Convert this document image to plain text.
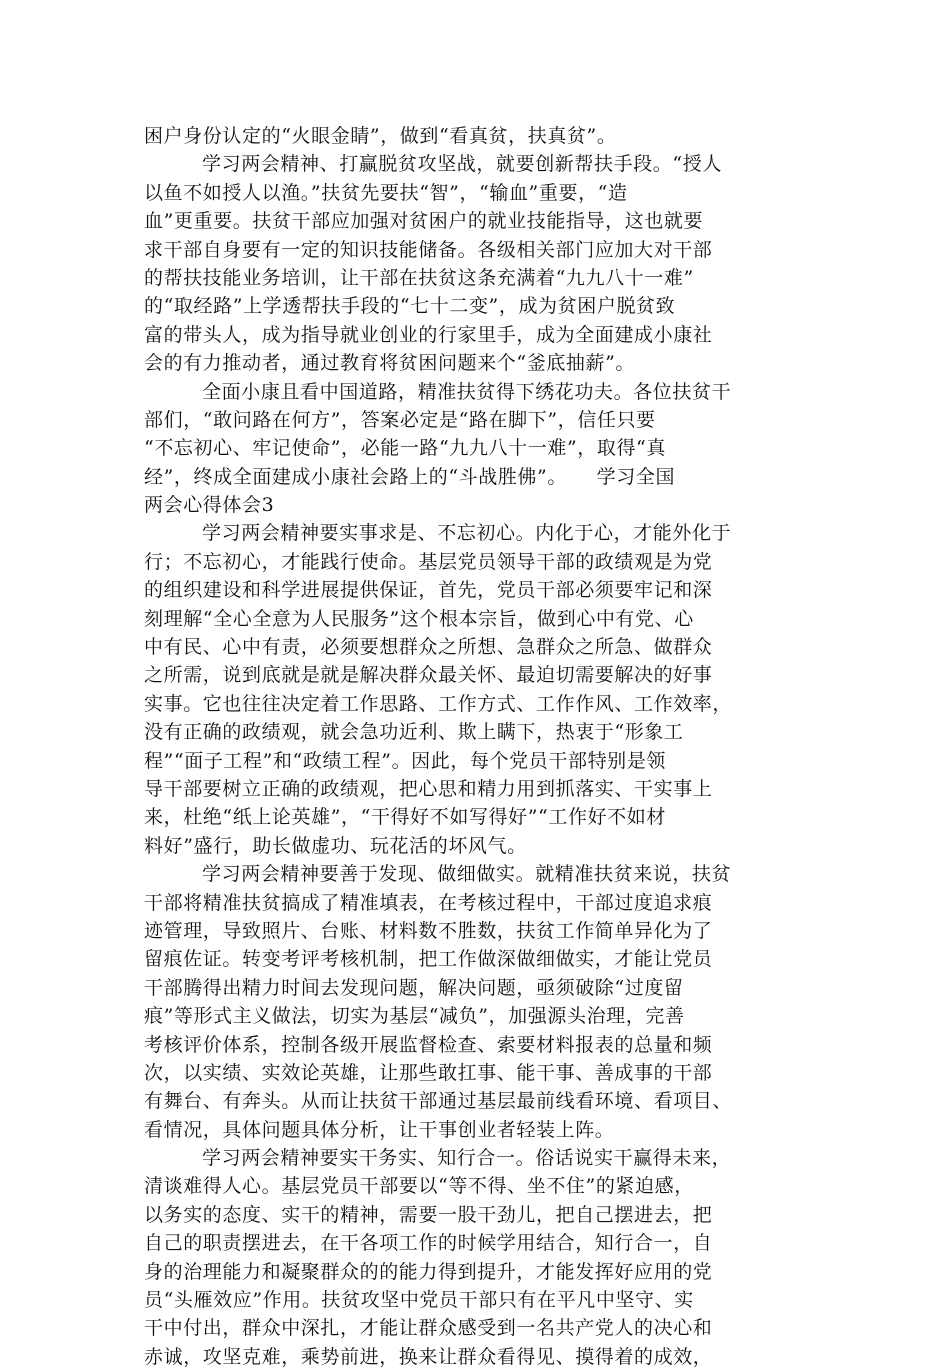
困户身份认定的“火眼金睛”，做到“看真贫，扶真贫”。
学习两会精神、打赢脱贫攻坚战，就要创新帮扶手段。“授人
以鱼不如授人以渔。”扶贫先要扶“智”，“输血”重要，“造
血”更重要。扶贫干部应加强对贫困户的就业技能指导，这也就要
求干部自身要有一定的知识技能储备。各级相关部门应加大对干部
的帮扶技能业务培训，让干部在扶贫这条充满着“九九八十一难”
的“取经路”上学透帮扶手段的“七十二变”，成为贫困户脱贫致
富的带头人，成为指导就业创业的行家里手，成为全面建成小康社
会的有力推动者，通过教育将贫困问题来个“釜底抽薪”。
全面小康且看中国道路，精准扶贫得下绣花功夫。各位扶贫干
部们，“敢问路在何方”，答案必定是“路在脚下”，信任只要
“不忘初心、牢记使命”，必能一路“九九八十一难”，取得“真
经”，终成全面建成小康社会路上的“斗战胜佛”。　　学习全国
两会心得体会3
学习两会精神要实事求是、不忘初心。内化于心，才能外化于
行；不忘初心，才能践行使命。基层党员领导干部的政绩观是为党
的组织建设和科学进展提供保证，首先，党员干部必须要牢记和深
刻理解“全心全意为人民服务”这个根本宗旨，做到心中有党、心
中有民、心中有责，必须要想群众之所想、急群众之所急、做群众
之所需，说到底就是就是解决群众最关怀、最迫切需要解决的好事
实事。它也往往决定着工作思路、工作方式、工作作风、工作效率，
没有正确的政绩观，就会急功近利、欺上瞒下，热衷于“形象工
程”“面子工程”和“政绩工程”。因此，每个党员干部特别是领
导干部要树立正确的政绩观，把心思和精力用到抓落实、干实事上
来，杜绝“纸上论英雄”，“干得好不如写得好”“工作好不如材
料好”盛行，助长做虚功、玩花活的坏风气。
学习两会精神要善于发现、做细做实。就精准扶贫来说，扶贫
干部将精准扶贫搞成了精准填表，在考核过程中，干部过度追求痕
迹管理，导致照片、台账、材料数不胜数，扶贫工作简单异化为了
留痕佐证。转变考评考核机制，把工作做深做细做实，才能让党员
干部腾得出精力时间去发现问题，解决问题，亟须破除“过度留
痕”等形式主义做法，切实为基层“减负”，加强源头治理，完善
考核评价体系，控制各级开展监督检查、索要材料报表的总量和频
次，以实绩、实效论英雄，让那些敢扛事、能干事、善成事的干部
有舞台、有奔头。从而让扶贫干部通过基层最前线看环境、看项目、
看情况，具体问题具体分析，让干事创业者轻装上阵。
学习两会精神要实干务实、知行合一。俗话说实干赢得未来，
清谈难得人心。基层党员干部要以“等不得、坐不住”的紧迫感，
以务实的态度、实干的精神，需要一股干劲儿，把自己摆进去，把
自己的职责摆进去，在干各项工作的时候学用结合，知行合一，自
身的治理能力和凝聚群众的的能力得到提升，才能发挥好应用的党
员“头雁效应”作用。扶贫攻坚中党员干部只有在平凡中坚守、实
干中付出，群众中深扎，才能让群众感受到一名共产党人的决心和
赤诚，攻坚克难，乘势前进，换来让群众看得见、摸得着的成效，
